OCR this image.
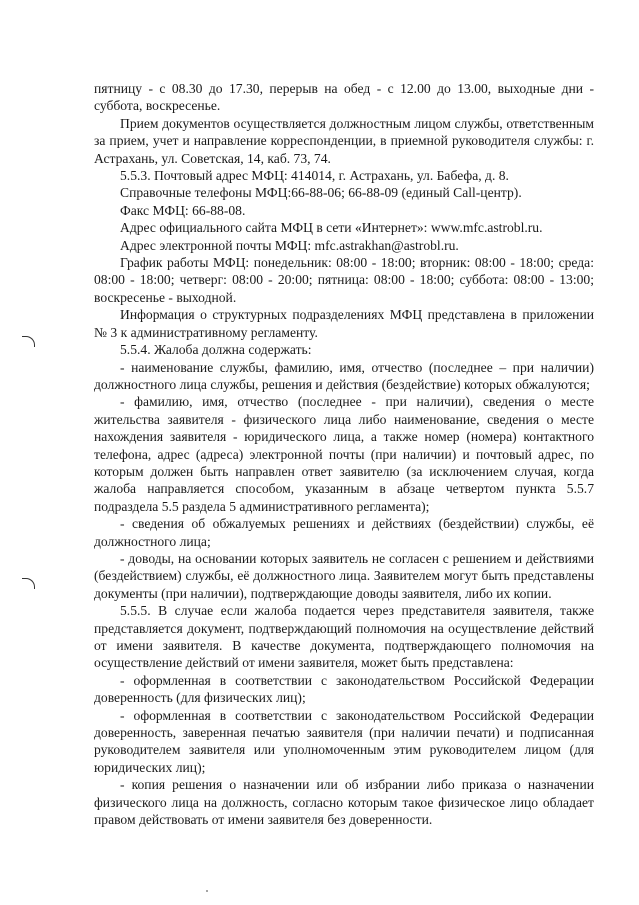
пятницу - с 08.30 до 17.30, перерыв на обед - с 12.00 до 13.00, выходные дни - суббота, воскресенье.

Прием документов осуществляется должностным лицом службы, ответственным за прием, учет и направление корреспонденции, в приемной руководителя службы: г. Астрахань, ул. Советская, 14, каб. 73, 74.

5.5.3. Почтовый адрес МФЦ: 414014, г. Астрахань, ул. Бабефа, д. 8.

Справочные телефоны МФЦ:66-88-06; 66-88-09 (единый Call-центр).

Факс МФЦ: 66-88-08.

Адрес официального сайта МФЦ в сети «Интернет»: www.mfc.astrobl.ru.

Адрес электронной почты МФЦ: mfc.astrakhan@astrobl.ru.

График работы МФЦ: понедельник: 08:00 - 18:00; вторник: 08:00 - 18:00; среда: 08:00 - 18:00; четверг: 08:00 - 20:00; пятница: 08:00 - 18:00; суббота: 08:00 - 13:00; воскресенье - выходной.

Информация о структурных подразделениях МФЦ представлена в приложении № 3 к административному регламенту.

5.5.4. Жалоба должна содержать:

- наименование службы, фамилию, имя, отчество (последнее – при наличии) должностного лица службы, решения и действия (бездействие) которых обжалуются;

- фамилию, имя, отчество (последнее - при наличии), сведения о месте жительства заявителя - физического лица либо наименование, сведения о месте нахождения заявителя - юридического лица, а также номер (номера) контактного телефона, адрес (адреса) электронной почты (при наличии) и почтовый адрес, по которым должен быть направлен ответ заявителю (за исключением случая, когда жалоба направляется способом, указанным в абзаце четвертом пункта 5.5.7 подраздела 5.5 раздела 5 административного регламента);

- сведения об обжалуемых решениях и действиях (бездействии) службы, её должностного лица;

- доводы, на основании которых заявитель не согласен с решением и действиями (бездействием) службы, её должностного лица. Заявителем могут быть представлены документы (при наличии), подтверждающие доводы заявителя, либо их копии.

5.5.5. В случае если жалоба подается через представителя заявителя, также представляется документ, подтверждающий полномочия на осуществление действий от имени заявителя. В качестве документа, подтверждающего полномочия на осуществление действий от имени заявителя, может быть представлена:

- оформленная в соответствии с законодательством Российской Федерации доверенность (для физических лиц);

- оформленная в соответствии с законодательством Российской Федерации доверенность, заверенная печатью заявителя (при наличии печати) и подписанная руководителем заявителя или уполномоченным этим руководителем лицом (для юридических лиц);

- копия решения о назначении или об избрании либо приказа о назначении физического лица на должность, согласно которым такое физическое лицо обладает правом действовать от имени заявителя без доверенности.
